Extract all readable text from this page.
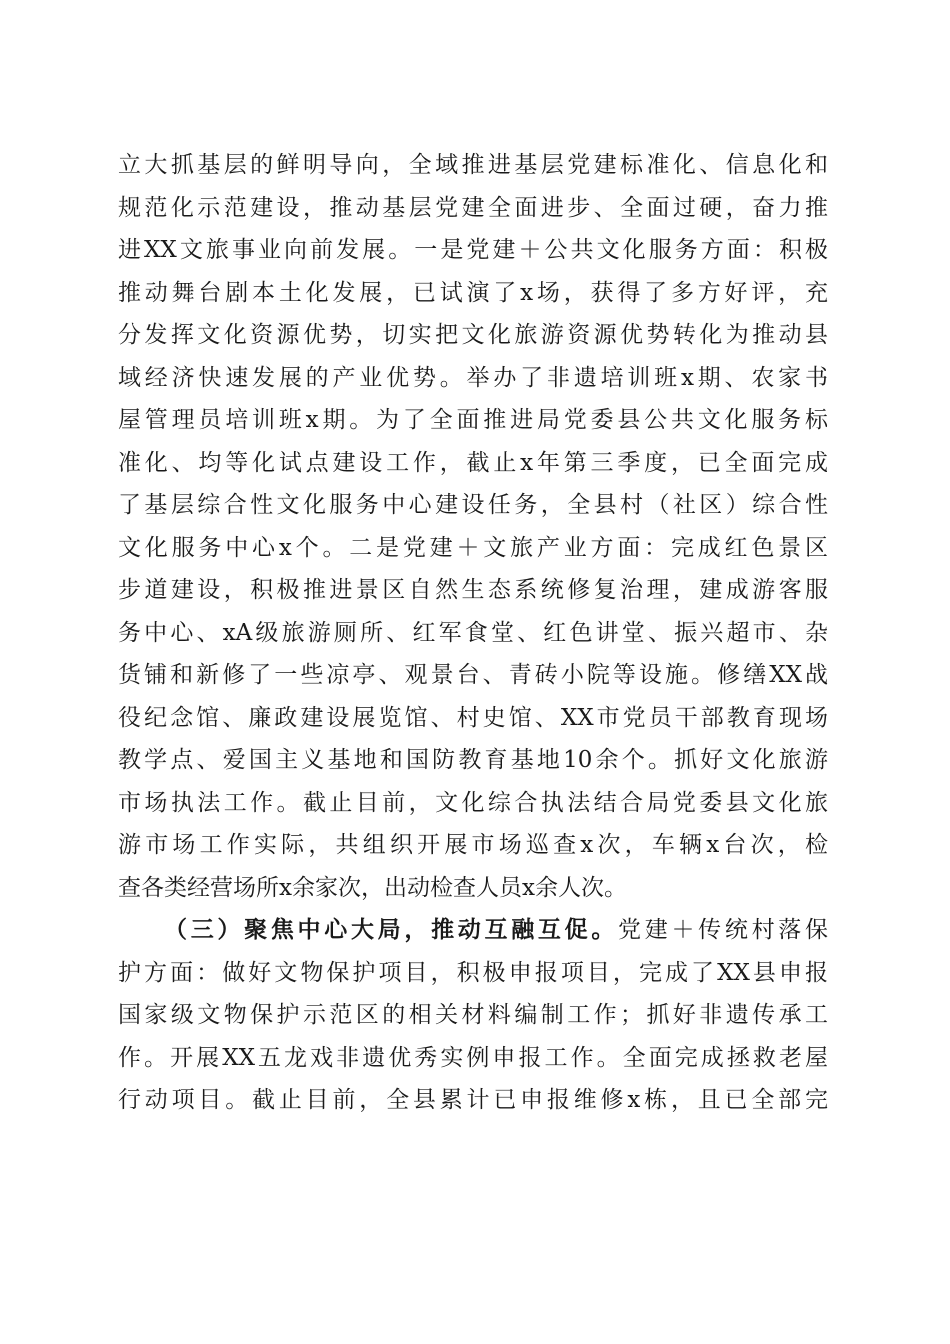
立大抓基层的鲜明导向，全域推进基层党建标准化、信息化和
规范化示范建设，推动基层党建全面进步、全面过硬，奋力推
进XX文旅事业向前发展。一是党建＋公共文化服务方面：积极
推动舞台剧本土化发展，已试演了x场，获得了多方好评，充
分发挥文化资源优势，切实把文化旅游资源优势转化为推动县
域经济快速发展的产业优势。举办了非遗培训班x期、农家书
屋管理员培训班x期。为了全面推进局党委县公共文化服务标
准化、均等化试点建设工作，截止x年第三季度，已全面完成
了基层综合性文化服务中心建设任务，全县村（社区）综合性
文化服务中心x个。二是党建＋文旅产业方面：完成红色景区
步道建设，积极推进景区自然生态系统修复治理，建成游客服
务中心、xA级旅游厕所、红军食堂、红色讲堂、振兴超市、杂
货铺和新修了一些凉亭、观景台、青砖小院等设施。修缮XX战
役纪念馆、廉政建设展览馆、村史馆、XX市党员干部教育现场
教学点、爱国主义基地和国防教育基地10余个。抓好文化旅游
市场执法工作。截止目前，文化综合执法结合局党委县文化旅
游市场工作实际，共组织开展市场巡查x次，车辆x台次，检
查各类经营场所x余家次，出动检查人员x余人次。
（三）聚焦中心大局，推动互融互促。党建＋传统村落保
护方面：做好文物保护项目，积极申报项目，完成了XX县申报
国家级文物保护示范区的相关材料编制工作；抓好非遗传承工
作。开展XX五龙戏非遗优秀实例申报工作。全面完成拯救老屋
行动项目。截止目前，全县累计已申报维修x栋，且已全部完
